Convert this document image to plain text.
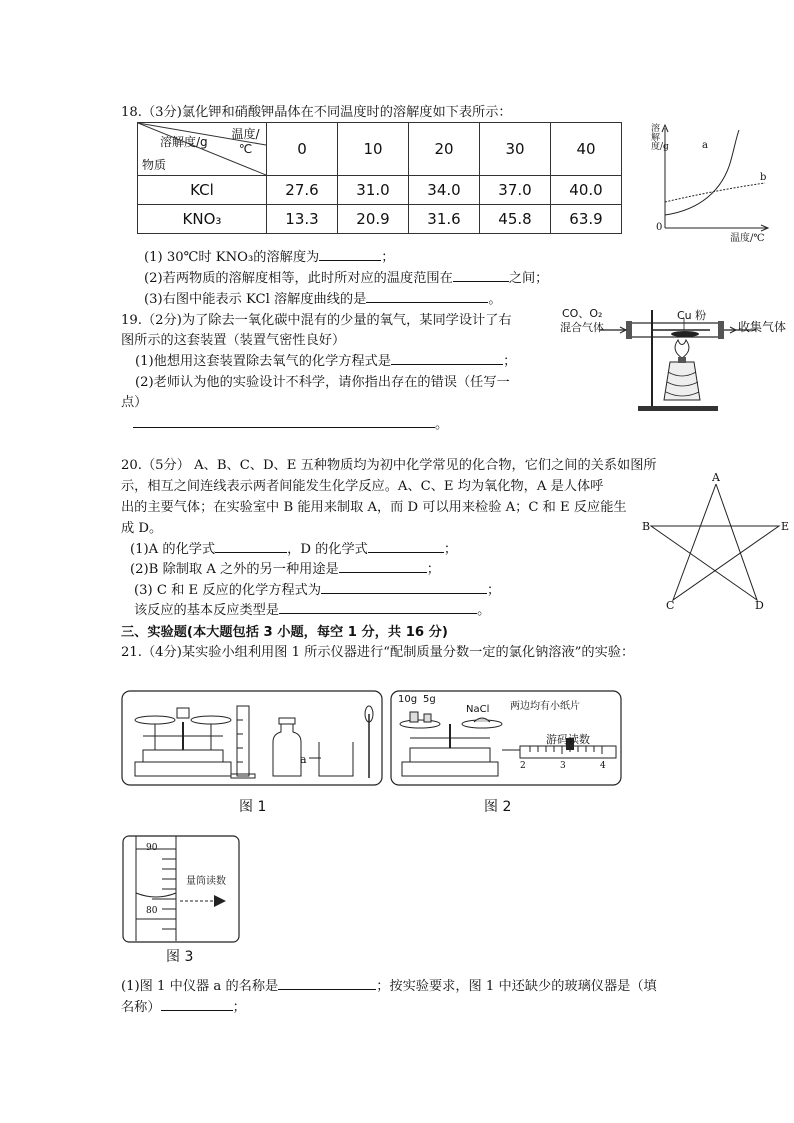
18.（3分)氯化钾和硝酸钾晶体在不同温度时的溶解度如下表所示：
温度/℃
溶解度/g
物质	0	10	20	30	40
KCl	27.6	31.0	34.0	37.0	40.0
KNO₃	13.3	20.9	31.6	45.8	63.9
溶解度/g	a
b
0
温度/℃
(1) 30℃时 KNO₃的溶解度为	；
(2)若两物质的溶解度相等，此时所对应的温度范围在	之间；
(3)右图中能表示 KCl 溶解度曲线的是	。
19.（2分)为了除去一氧化碳中混有的少量的氧气，某同学设计了右
图所示的这套装置（装置气密性良好）
(1)他想用这套装置除去氧气的化学方程式是	；
(2)老师认为他的实验设计不科学，请你指出存在的错误（任写一
点）
。
CO、O₂
混合气体
Cu 粉
收集气体
20.（5分） A、B、C、D、E 五种物质均为初中化学常见的化合物，它们之间的关系如图所
示，相互之间连线表示两者间能发生化学反应。A、C、E 均为氧化物，A 是人体呼
出的主要气体；在实验室中 B 能用来制取 A，而 D 可以用来检验 A；C 和 E 反应能生
成 D。
(1)A 的化学式	，D 的化学式	；
(2)B 除制取 A 之外的另一种用途是	；
(3) C 和 E 反应的化学方程式为	；
该反应的基本反应类型是	。
A
B	E
C	D
三、实验题(本大题包括 3 小题，每空 1 分，共 16 分)
21.（4分)某实验小组利用图 1 所示仪器进行“配制质量分数一定的氯化钠溶液”的实验：
a
图 1
10g 5g
NaCl 两边均有小纸片
游码读数
2	3	4
图 2
90
80
量筒读数
图 3
(1)图 1 中仪器 a 的名称是	；按实验要求，图 1 中还缺少的玻璃仪器是（填
名称）	；
